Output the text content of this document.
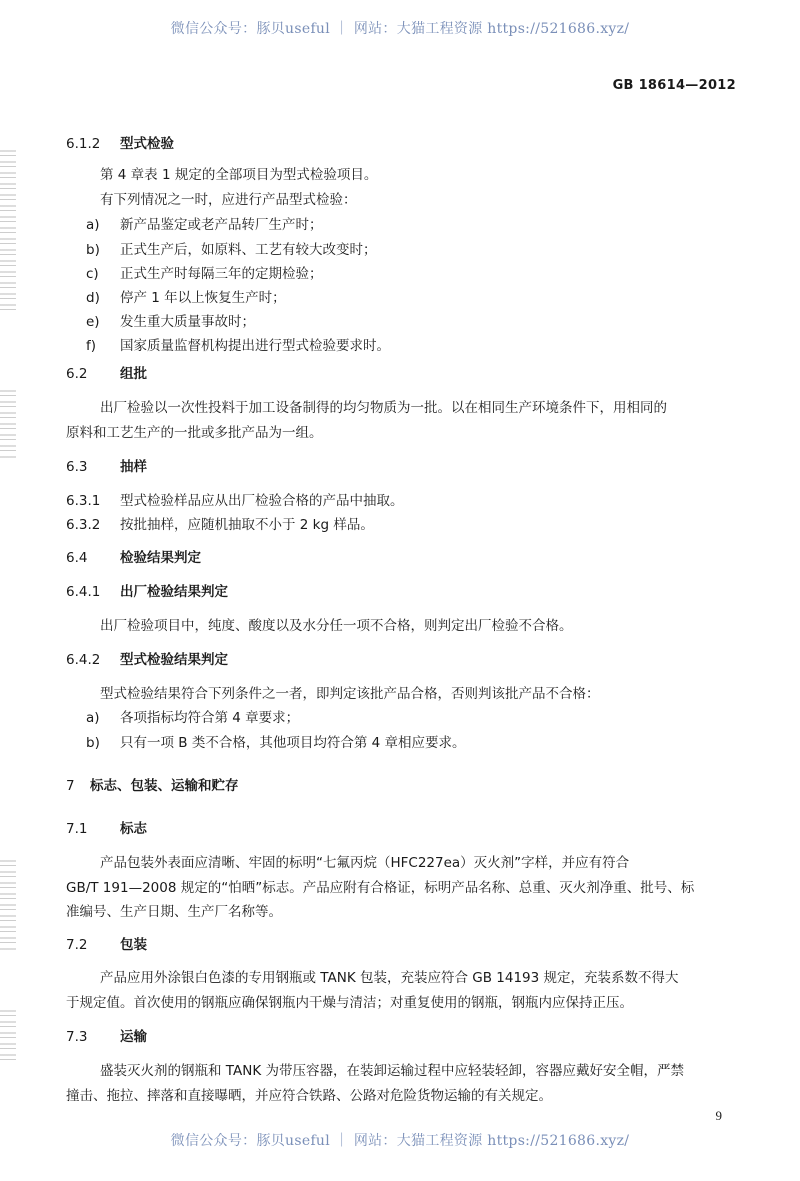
微信公众号：豚贝useful ｜ 网站：大猫工程资源 https://521686.xyz/
GB 18614—2012
6.1.2 型式检验
第 4 章表 1 规定的全部项目为型式检验项目。
有下列情况之一时，应进行产品型式检验：
a) 新产品鉴定或老产品转厂生产时；
b) 正式生产后，如原料、工艺有较大改变时；
c) 正式生产时每隔三年的定期检验；
d) 停产 1 年以上恢复生产时；
e) 发生重大质量事故时；
f) 国家质量监督机构提出进行型式检验要求时。
6.2 组批
出厂检验以一次性投料于加工设备制得的均匀物质为一批。以在相同生产环境条件下，用相同的
原料和工艺生产的一批或多批产品为一组。
6.3 抽样
6.3.1 型式检验样品应从出厂检验合格的产品中抽取。
6.3.2 按批抽样，应随机抽取不小于 2 kg 样品。
6.4 检验结果判定
6.4.1 出厂检验结果判定
出厂检验项目中，纯度、酸度以及水分任一项不合格，则判定出厂检验不合格。
6.4.2 型式检验结果判定
型式检验结果符合下列条件之一者，即判定该批产品合格，否则判该批产品不合格：
a) 各项指标均符合第 4 章要求；
b) 只有一项 B 类不合格，其他项目均符合第 4 章相应要求。
7 标志、包装、运输和贮存
7.1 标志
产品包装外表面应清晰、牢固的标明“七氟丙烷（HFC227ea）灭火剂”字样，并应有符合
GB/T 191—2008 规定的“怕晒”标志。产品应附有合格证，标明产品名称、总重、灭火剂净重、批号、标
准编号、生产日期、生产厂名称等。
7.2 包装
产品应用外涂银白色漆的专用钢瓶或 TANK 包装，充装应符合 GB 14193 规定，充装系数不得大
于规定值。首次使用的钢瓶应确保钢瓶内干燥与清洁；对重复使用的钢瓶，钢瓶内应保持正压。
7.3 运输
盛装灭火剂的钢瓶和 TANK 为带压容器，在装卸运输过程中应轻装轻卸，容器应戴好安全帽，严禁
撞击、拖拉、摔落和直接曝晒，并应符合铁路、公路对危险货物运输的有关规定。
9
微信公众号：豚贝useful ｜ 网站：大猫工程资源 https://521686.xyz/
